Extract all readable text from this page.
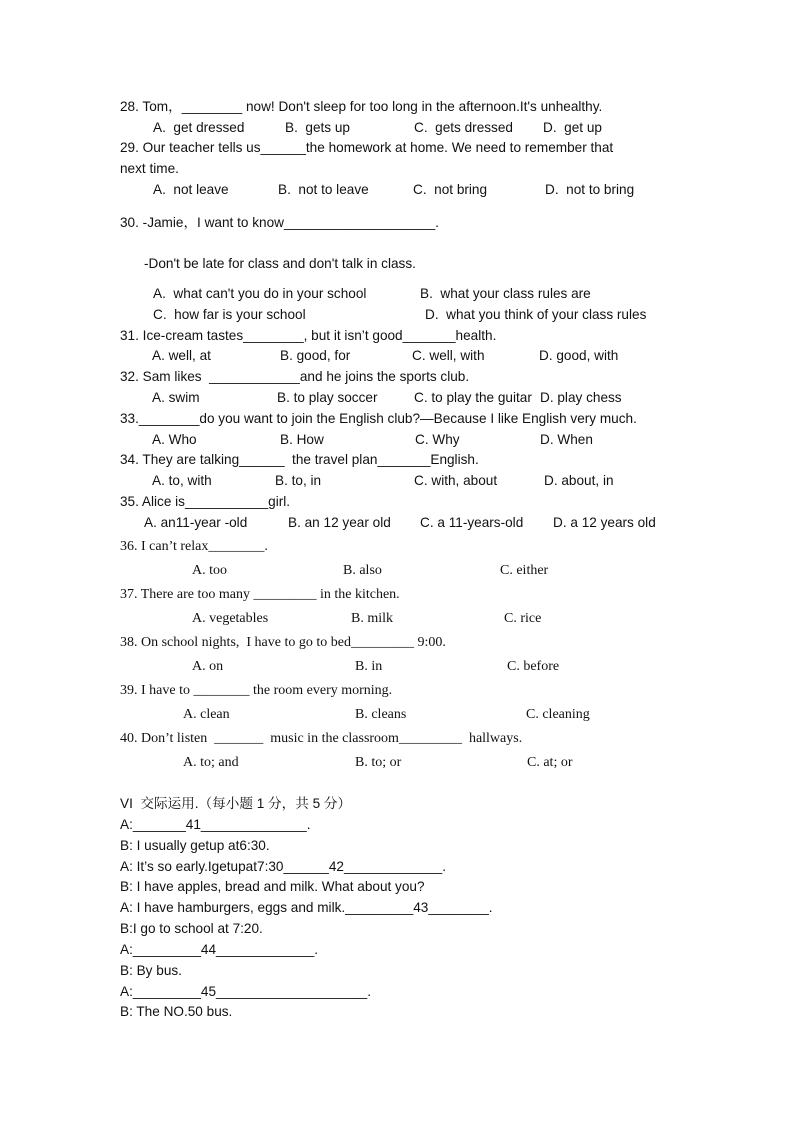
28. Tom，________ now! Don't sleep for too long in the afternoon.It's unhealthy.
A.  get dressed	B.  gets up	C.  gets dressed D.  get up
29. Our teacher tells us______the homework at home. We need to remember that
next time.
A.  not leave	B.  not to leave	C.  not bring	D.  not to bring
30. -Jamie，I want to know____________________.
-Don't be late for class and don't talk in class.
A.  what can't you do in your school	B.  what your class rules are
C.  how far is your school	D.  what you think of your class rules
31. Ice-cream tastes________, but it isn’t good_______health.
A. well, at	B. good, for	C. well, with	D. good, with
32. Sam likes  ____________and he joins the sports club.
A. swim	B. to play soccer	C. to play the guitar D. play chess
33.________do you want to join the English club?—Because I like English very much.
A. Who	B. How	C. Why	D. When
34. They are talking______  the travel plan_______English.
A. to, with	B. to, in	C. with, about	D. about, in
35. Alice is___________girl.
A. an11-year -old	B. an 12 year old C. a 11-years-old D. a 12 years old
36. I can’t relax________.
A. too	B. also	C. either
37. There are too many _________ in the kitchen.
A. vegetables	B. milk	C. rice
38. On school nights,  I have to go to bed_________ 9:00.
A. on	B. in	C. before
39. I have to ________ the room every morning.
A. clean	B. cleans	C. cleaning
40. Don’t listen  _______  music in the classroom_________  hallways.
A. to; and	B. to; or	C. at; or
VI  交际运用.（每小题 1 分，共 5 分）
A:_______41______________.
B: I usually getup at6:30.
A: It’s so early.Igetupat7:30______42_____________.
B: I have apples, bread and milk. What about you?
A: I have hamburgers, eggs and milk._________43________.
B:I go to school at 7:20.
A:_________44_____________.
B: By bus.
A:_________45____________________.
B: The NO.50 bus.
